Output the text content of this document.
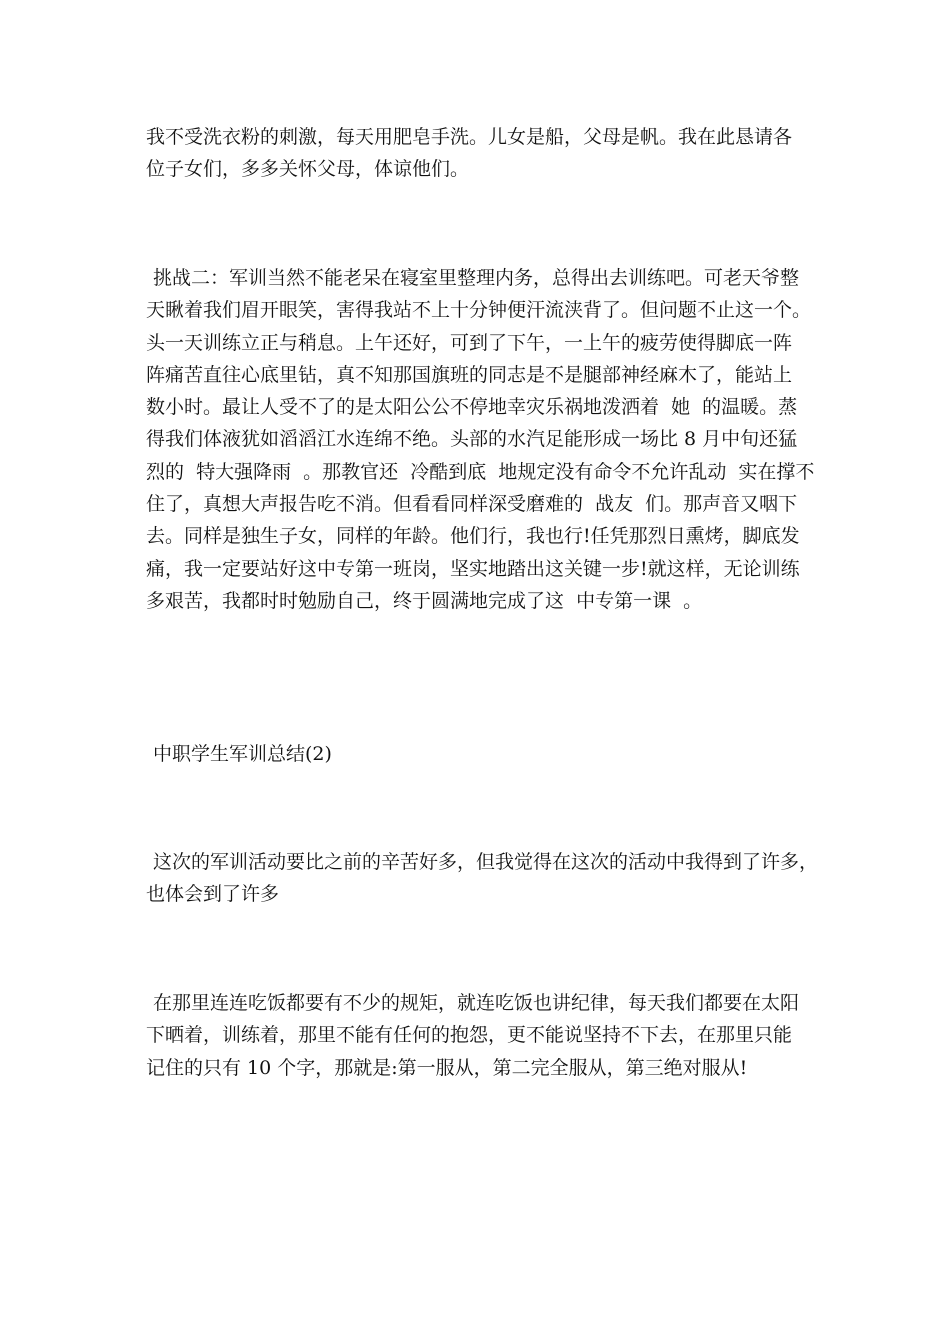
我不受洗衣粉的刺激，每天用肥皂手洗。儿女是船，父母是帆。我在此恳请各
位子女们，多多关怀父母，体谅他们。
挑战二：军训当然不能老呆在寝室里整理内务，总得出去训练吧。可老天爷整
天瞅着我们眉开眼笑，害得我站不上十分钟便汗流浃背了。但问题不止这一个。
头一天训练立正与稍息。上午还好，可到了下午，一上午的疲劳使得脚底一阵
阵痛苦直往心底里钻，真不知那国旗班的同志是不是腿部神经麻木了，能站上
数小时。最让人受不了的是太阳公公不停地幸灾乐祸地泼洒着  她  的温暖。蒸
得我们体液犹如滔滔江水连绵不绝。头部的水汽足能形成一场比 8 月中旬还猛
烈的  特大强降雨  。那教官还  冷酷到底  地规定没有命令不允许乱动  实在撑不
住了，真想大声报告吃不消。但看看同样深受磨难的  战友  们。那声音又咽下
去。同样是独生子女，同样的年龄。他们行，我也行!任凭那烈日熏烤，脚底发
痛，我一定要站好这中专第一班岗，坚实地踏出这关键一步!就这样，无论训练
多艰苦，我都时时勉励自己，终于圆满地完成了这  中专第一课  。
中职学生军训总结(2)
这次的军训活动要比之前的辛苦好多，但我觉得在这次的活动中我得到了许多，
也体会到了许多
在那里连连吃饭都要有不少的规矩，就连吃饭也讲纪律，每天我们都要在太阳
下晒着，训练着，那里不能有任何的抱怨，更不能说坚持不下去，在那里只能
记住的只有 10 个字，那就是:第一服从，第二完全服从，第三绝对服从!
